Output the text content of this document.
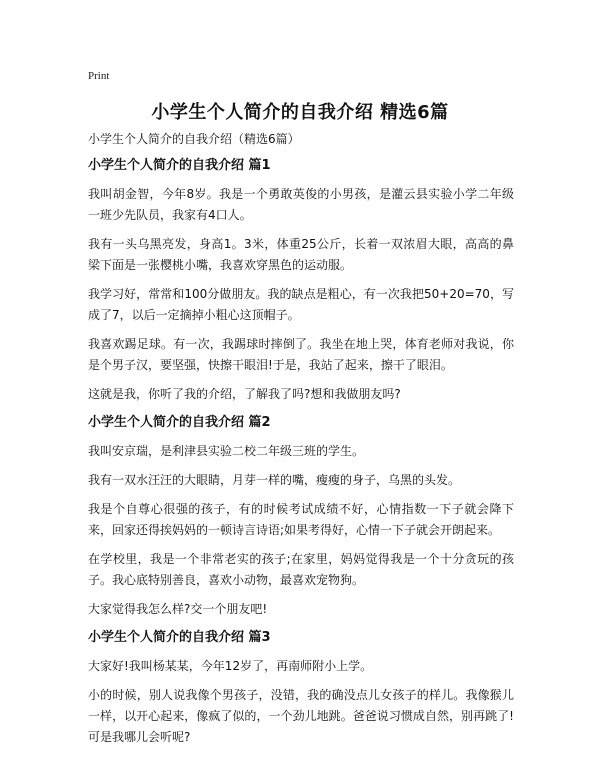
Print
小学生个人简介的自我介绍 精选6篇
小学生个人简介的自我介绍（精选6篇）
小学生个人简介的自我介绍 篇1

我叫胡金智，今年8岁。我是一个勇敢英俊的小男孩，是灌云县实验小学二年级一班少先队员，我家有4口人。

我有一头乌黑亮发，身高1。3米，体重25公斤，长着一双浓眉大眼，高高的鼻梁下面是一张樱桃小嘴，我喜欢穿黑色的运动服。

我学习好，常常和100分做朋友。我的缺点是粗心，有一次我把50+20=70，写成了7，以后一定摘掉小粗心这顶帽子。

我喜欢踢足球。有一次，我踢球时摔倒了。我坐在地上哭，体育老师对我说，你是个男子汉，要坚强，快擦干眼泪!于是，我站了起来，擦干了眼泪。

这就是我，你听了我的介绍，了解我了吗?想和我做朋友吗?

小学生个人简介的自我介绍 篇2

我叫安京瑞，是利津县实验二校二年级三班的学生。

我有一双水汪汪的大眼睛，月芽一样的嘴，瘦瘦的身子，乌黑的头发。

我是个自尊心很强的孩子，有的时候考试成绩不好，心情指数一下子就会降下来，回家还得挨妈妈的一顿诗言诗语;如果考得好，心情一下子就会开朗起来。

在学校里，我是一个非常老实的孩子;在家里，妈妈觉得我是一个十分贪玩的孩子。我心底特别善良，喜欢小动物，最喜欢宠物狗。

大家觉得我怎么样?交一个朋友吧!

小学生个人简介的自我介绍 篇3

大家好!我叫杨某某，今年12岁了，再南师附小上学。

小的时候，别人说我像个男孩子，没错，我的确没点儿女孩子的样儿。我像猴儿一样，以开心起来，像疯了似的，一个劲儿地跳。爸爸说习惯成自然，别再跳了!可是我哪儿会听呢?
